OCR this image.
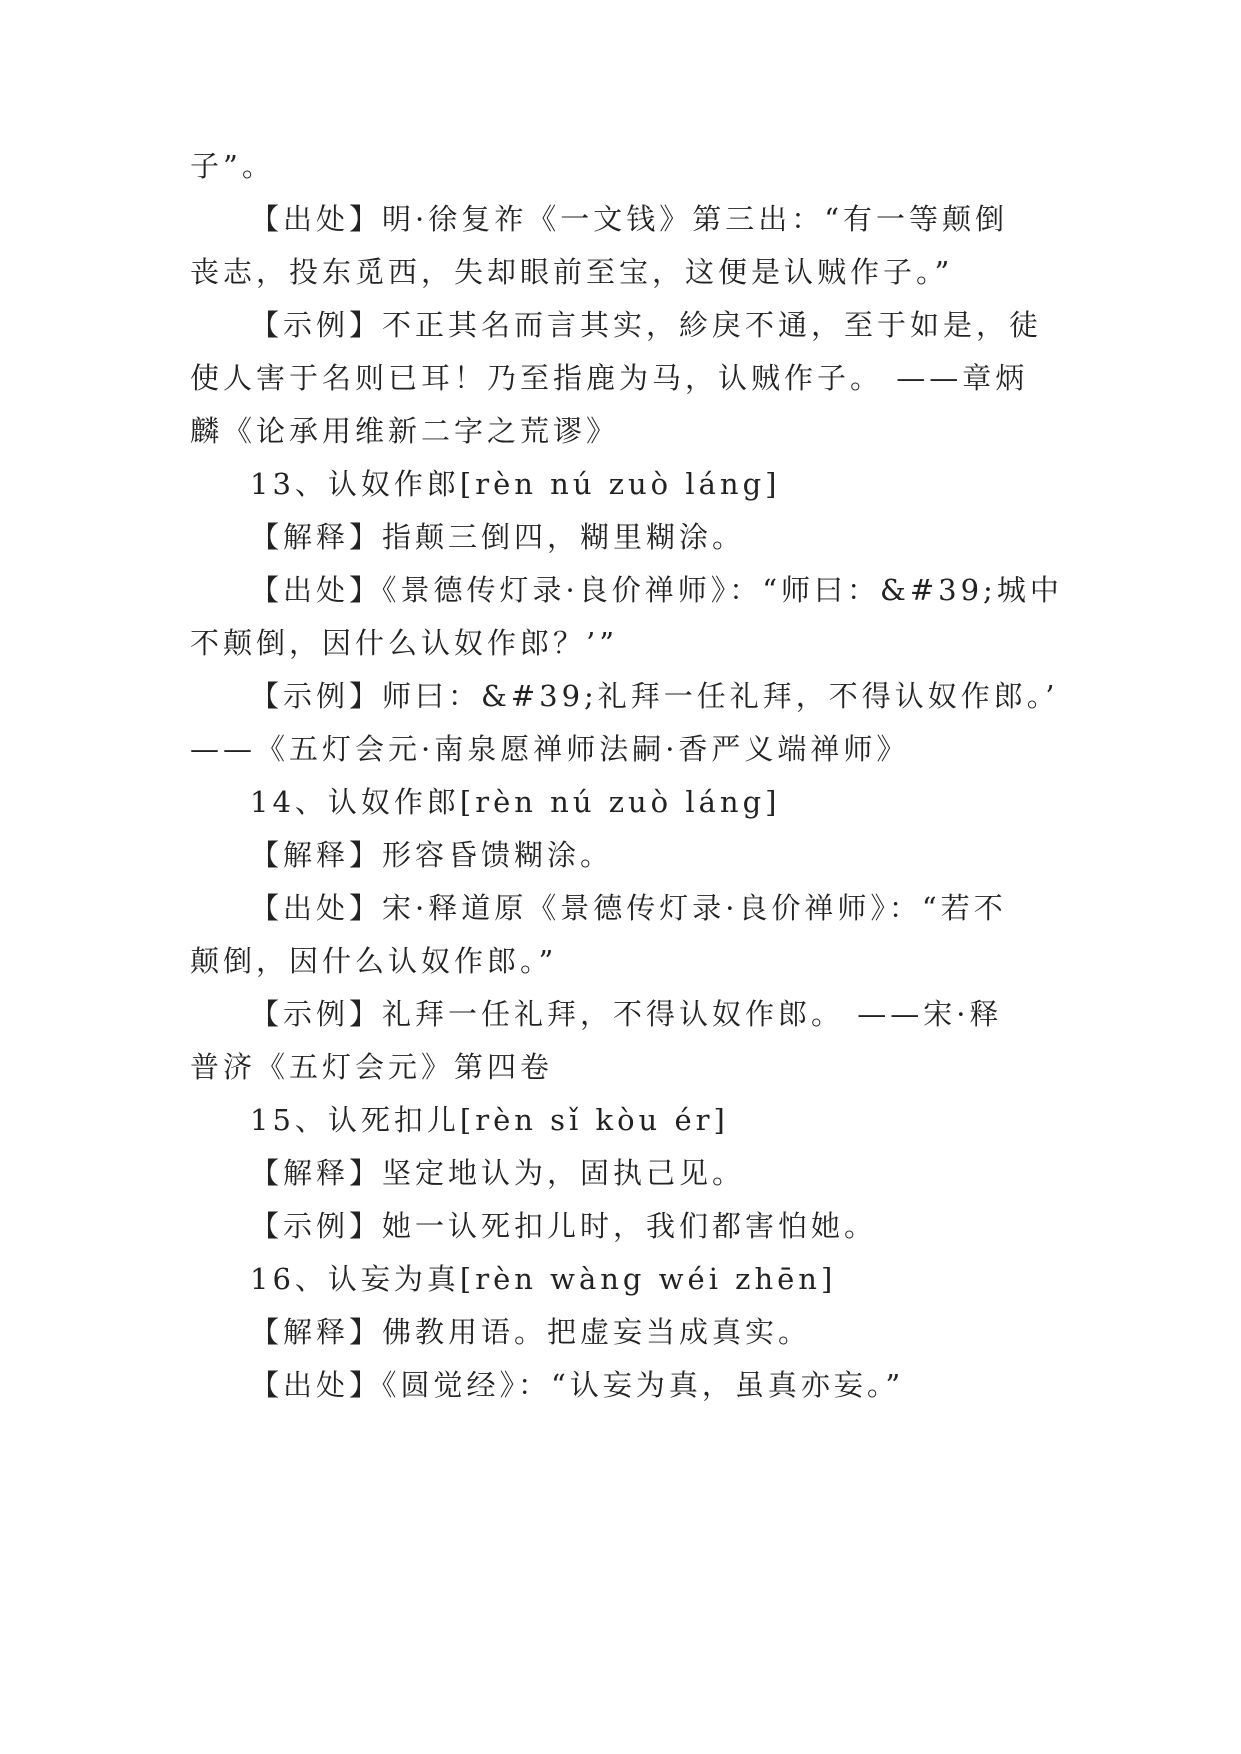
子”。
【出处】明·徐复祚《一文钱》第三出：“有一等颠倒
丧志，投东觅西，失却眼前至宝，这便是认贼作子。”
【示例】不正其名而言其实，紾戾不通，至于如是，徒
使人害于名则已耳！乃至指鹿为马，认贼作子。 ——章炳
麟《论承用维新二字之荒谬》
13、认奴作郎[rèn nú zuò láng]
【解释】指颠三倒四，糊里糊涂。
【出处】《景德传灯录·良价禅师》：“师曰：&#39;城中
不颠倒，因什么认奴作郎？’”
【示例】师曰：&#39;礼拜一任礼拜，不得认奴作郎。’
——《五灯会元·南泉愿禅师法嗣·香严义端禅师》
14、认奴作郎[rèn nú zuò láng]
【解释】形容昏馈糊涂。
【出处】宋·释道原《景德传灯录·良价禅师》：“若不
颠倒，因什么认奴作郎。”
【示例】礼拜一任礼拜，不得认奴作郎。 ——宋·释
普济《五灯会元》第四卷
15、认死扣儿[rèn sǐ kòu ér]
【解释】坚定地认为，固执己见。
【示例】她一认死扣儿时，我们都害怕她。
16、认妄为真[rèn wàng wéi zhēn]
【解释】佛教用语。把虚妄当成真实。
【出处】《圆觉经》：“认妄为真，虽真亦妄。”
